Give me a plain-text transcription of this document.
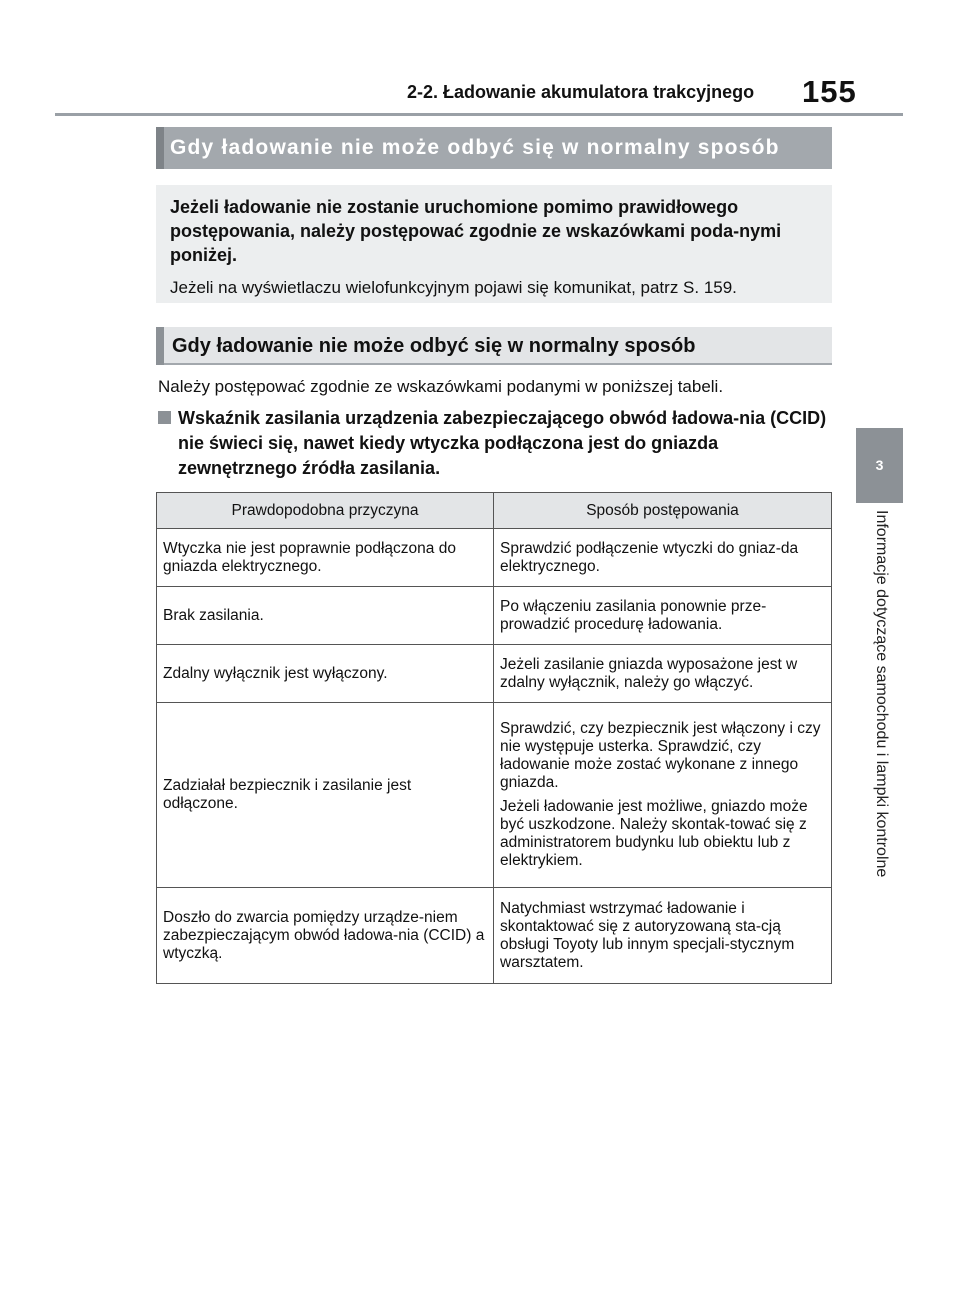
2-2. Ładowanie akumulatora trakcyjnego 155
3
Informacje dotyczące samochodu i lampki kontrolne
Gdy ładowanie nie może odbyć się w normalny sposób
Jeżeli ładowanie nie zostanie uruchomione pomimo prawidłowego postępowania, należy postępować zgodnie ze wskazówkami poda-nymi poniżej.
Jeżeli na wyświetlaczu wielofunkcyjnym pojawi się komunikat, patrz S. 159.
Gdy ładowanie nie może odbyć się w normalny sposób
Należy postępować zgodnie ze wskazówkami podanymi w poniższej tabeli.
Wskaźnik zasilania urządzenia zabezpieczającego obwód ładowa-nia (CCID) nie świeci się, nawet kiedy wtyczka podłączona jest do gniazda zewnętrznego źródła zasilania.
Prawdopodobna przyczyna	Sposób postępowania
Wtyczka nie jest poprawnie podłączona do gniazda elektrycznego.	Sprawdzić podłączenie wtyczki do gniaz-da elektrycznego.

Brak zasilania.	Po włączeniu zasilania ponownie prze-prowadzić procedurę ładowania.

Zdalny wyłącznik jest wyłączony.	Jeżeli zasilanie gniazda wyposażone jest w zdalny wyłącznik, należy go włączyć.

Zadziałał bezpiecznik i zasilanie jest odłączone.	Sprawdzić, czy bezpiecznik jest włączony i czy nie występuje usterka. Sprawdzić, czy ładowanie może zostać wykonane z innego gniazda.
Jeżeli ładowanie jest możliwe, gniazdo może być uszkodzone. Należy skontak-tować się z administratorem budynku lub obiektu lub z elektrykiem.

Doszło do zwarcia pomiędzy urządze-niem zabezpieczającym obwód ładowa-nia (CCID) a wtyczką.	Natychmiast wstrzymać ładowanie i skontaktować się z autoryzowaną sta-cją obsługi Toyoty lub innym specjali-stycznym warsztatem.
